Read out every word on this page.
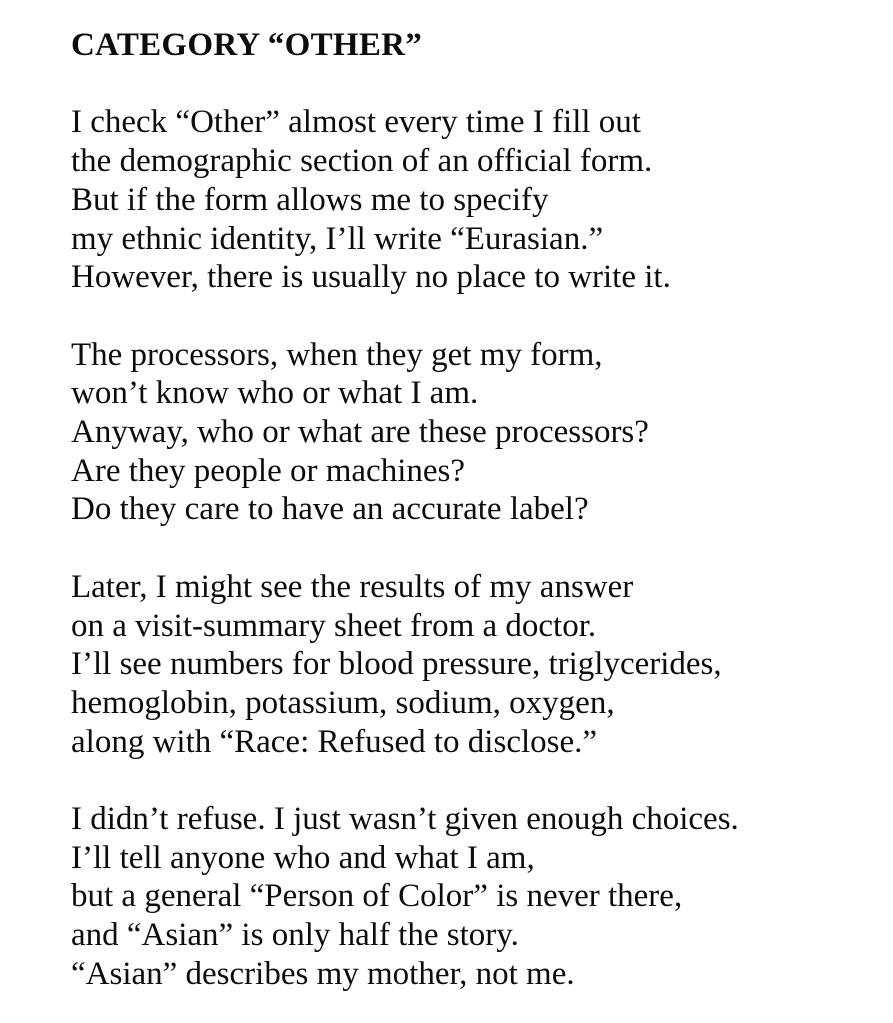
CATEGORY “OTHER”

I check “Other” almost every time I fill out

the demographic section of an official form.

But if the form allows me to specify

my ethnic identity, I’ll write “Eurasian.”

However, there is usually no place to write it.

The processors, when they get my form,

won’t know who or what I am.

Anyway, who or what are these processors?

Are they people or machines?

Do they care to have an accurate label?

Later, I might see the results of my answer

on a visit-summary sheet from a doctor.

I’ll see numbers for blood pressure, triglycerides,

hemoglobin, potassium, sodium, oxygen,

along with “Race: Refused to disclose.”

I didn’t refuse. I just wasn’t given enough choices.

I’ll tell anyone who and what I am,

but a general “Person of Color” is never there,

and “Asian” is only half the story.

“Asian” describes my mother, not me.
